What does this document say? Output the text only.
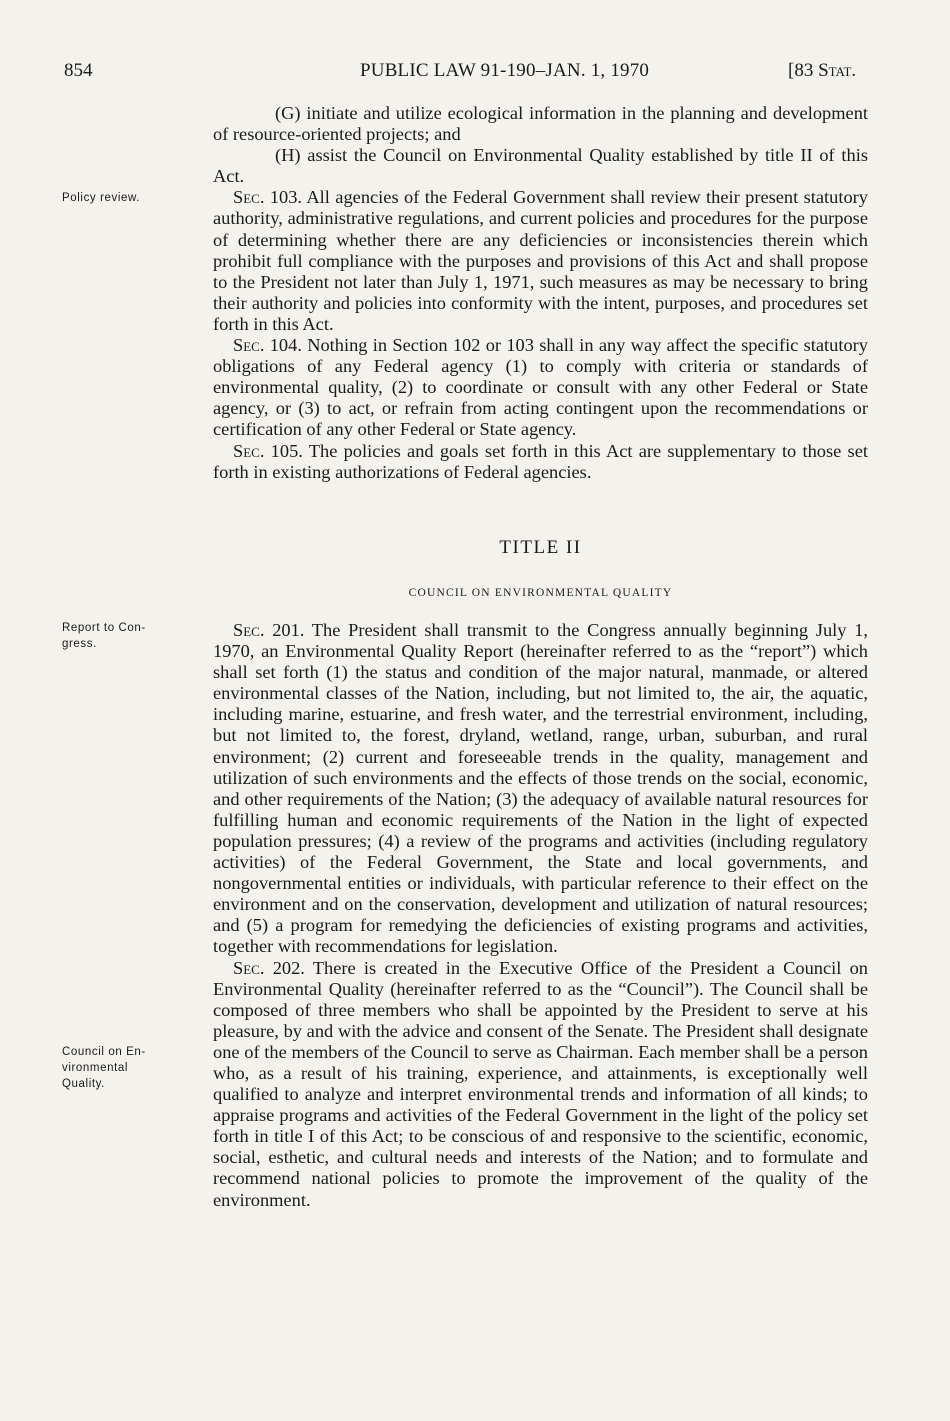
854	PUBLIC LAW 91-190–JAN. 1, 1970	[83 Stat.
Policy review.
Report to Con-
gress.
Council on En-
vironmental
Quality.

(G) initiate and utilize ecological information in the planning and development of resource-oriented projects; and

(H) assist the Council on Environmental Quality established by title II of this Act.

Sec. 103. All agencies of the Federal Government shall review their present statutory authority, administrative regulations, and current policies and procedures for the purpose of determining whether there are any deficiencies or inconsistencies therein which prohibit full compliance with the purposes and provisions of this Act and shall propose to the President not later than July 1, 1971, such measures as may be necessary to bring their authority and policies into conformity with the intent, purposes, and procedures set forth in this Act.

Sec. 104. Nothing in Section 102 or 103 shall in any way affect the specific statutory obligations of any Federal agency (1) to comply with criteria or standards of environmental quality, (2) to coordinate or consult with any other Federal or State agency, or (3) to act, or refrain from acting contingent upon the recommendations or certification of any other Federal or State agency.

Sec. 105. The policies and goals set forth in this Act are supplementary to those set forth in existing authorizations of Federal agencies.

TITLE II
COUNCIL ON ENVIRONMENTAL QUALITY

Sec. 201. The President shall transmit to the Congress annually beginning July 1, 1970, an Environmental Quality Report (hereinafter referred to as the “report”) which shall set forth (1) the status and condition of the major natural, manmade, or altered environmental classes of the Nation, including, but not limited to, the air, the aquatic, including marine, estuarine, and fresh water, and the terrestrial environment, including, but not limited to, the forest, dryland, wetland, range, urban, suburban, and rural environment; (2) current and foreseeable trends in the quality, management and utilization of such environments and the effects of those trends on the social, economic, and other requirements of the Nation; (3) the adequacy of available natural resources for fulfilling human and economic requirements of the Nation in the light of expected population pressures; (4) a review of the programs and activities (including regulatory activities) of the Federal Government, the State and local governments, and nongovernmental entities or individuals, with particular reference to their effect on the environment and on the conservation, development and utilization of natural resources; and (5) a program for remedying the deficiencies of existing programs and activities, together with recommendations for legislation.

Sec. 202. There is created in the Executive Office of the President a Council on Environmental Quality (hereinafter referred to as the “Council”). The Council shall be composed of three members who shall be appointed by the President to serve at his pleasure, by and with the advice and consent of the Senate. The President shall designate one of the members of the Council to serve as Chairman. Each member shall be a person who, as a result of his training, experience, and attainments, is exceptionally well qualified to analyze and interpret environmental trends and information of all kinds; to appraise programs and activities of the Federal Government in the light of the policy set forth in title I of this Act; to be conscious of and responsive to the scientific, economic, social, esthetic, and cultural needs and interests of the Nation; and to formulate and recommend national policies to promote the improvement of the quality of the environment.
